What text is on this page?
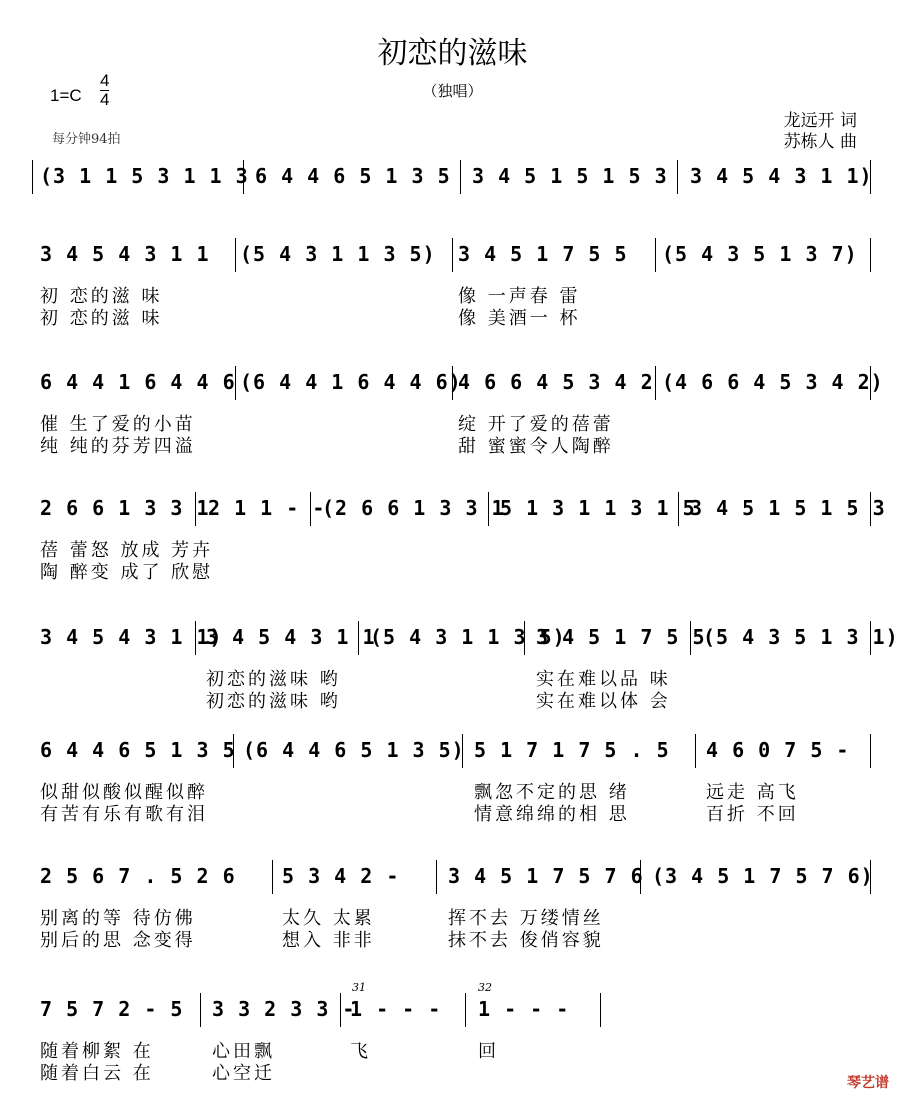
初恋的滋味
（独唱）
1=C
4
4
每分钟94拍
龙远开 词
苏栋人 曲
(3 1 1 5 3 1 1 3 6 4 4 6 5 1 3 5 3 4 5 1 5 1 5 3 3 4 5 4 3 1 1)
3 4 5 4 3 1 1
初 恋的滋 味
初 恋的滋 味
(5 4 3 1 1 3 5) 3 4 5 1 7 5 5
像 一声春 雷
像 美酒一 杯
(5 4 3 5 1 3 7)
6 4 4 1 6 4 4 6
催 生了爱的小苗
纯 纯的芬芳四溢
(6 4 4 1 6 4 4 6)
4 6 6 4 5 3 4 2
绽 开了爱的蓓蕾
甜 蜜蜜令人陶醉
(4 6 6 4 5 3 4 2)
2 6 6 1 3 3 1
蓓 蕾怒 放成 芳卉
陶 醉变 成了 欣慰
2 1 1 - -
(2 6 6 1 3 3 1
5 1 3 1 1 3 1 5
3 4 5 1 5 1 5 3
3 4 5 4 3 1 1)
3 4 5 4 3 1 1
初恋的滋味 哟
初恋的滋味 哟
(5 4 3 1 1 3 5)
3 4 5 1 7 5 5
实在难以品 味
实在难以体 会
(5 4 3 5 1 3 1)
6 4 4 6 5 1 3 5
似甜似酸似醒似醉
有苦有乐有歌有泪
(6 4 4 6 5 1 3 5) 5 1 7 1 7 5 . 5
飘忽不定的思 绪
情意绵绵的相 思
4 6 0 7 5 -
远走 高飞
百折 不回
2 5 6 7 . 5 2 6
别离的等 待仿佛
别后的思 念变得
5 3 4 2 -
太久 太累
想入 非非
3 4 5 1 7 5 7 6
挥不去 万缕情丝
抹不去 俊俏容貌
(3 4 5 1 7 5 7 6)
7 5 7 2 - 5
随着柳絮 在
随着白云 在
3 3 2 3 3 -
心田飘
心空迁
1 - - -
飞
1 - - -
回
31	32
琴艺谱
